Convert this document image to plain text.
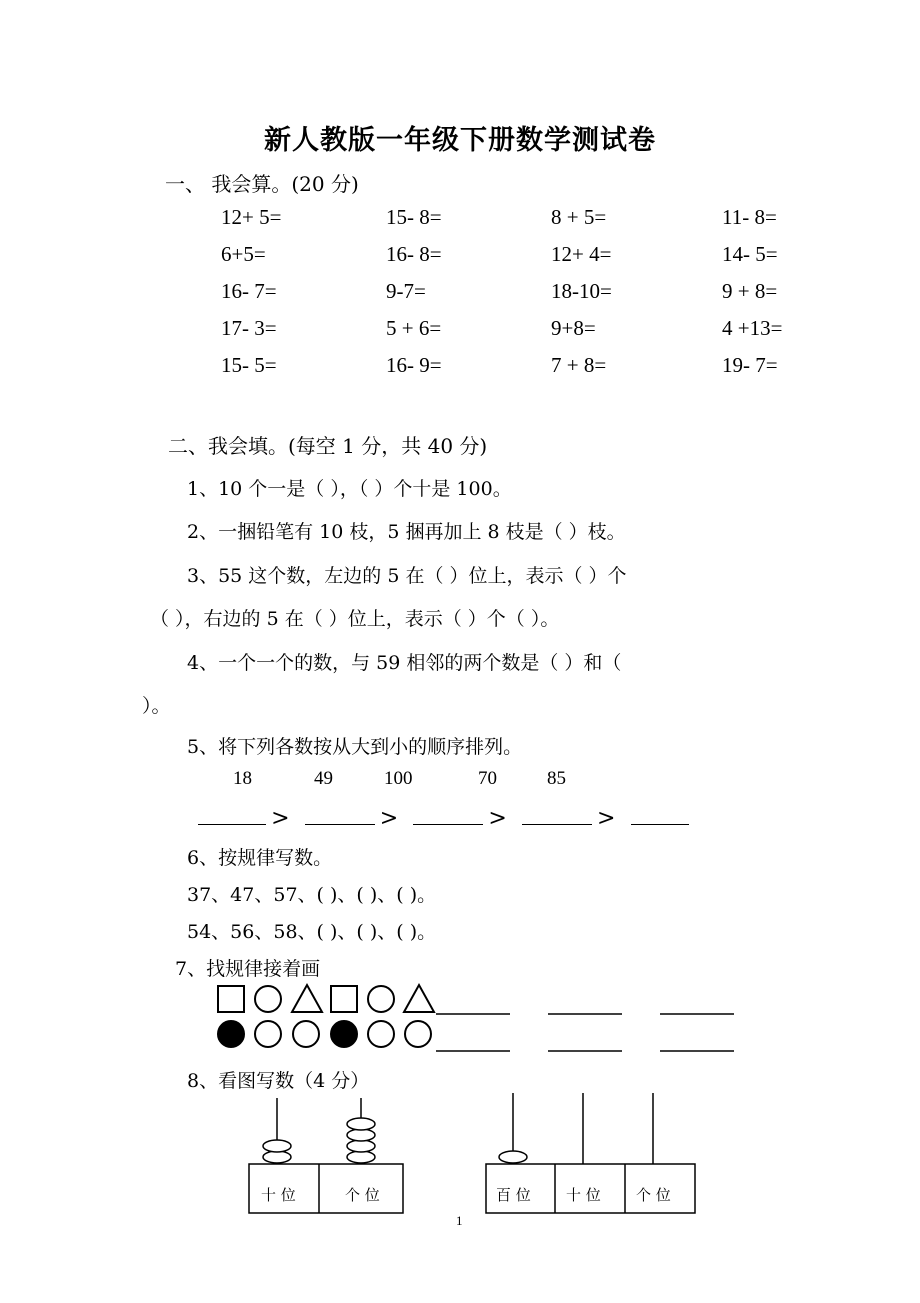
新人教版一年级下册数学测试卷
一、 我会算。(20 分)
12+ 5=	15- 8=	8 + 5=	11- 8=
6+5=	16- 8=	12+ 4=	14- 5=
16- 7=	9-7=	18-10=	9 + 8=
17- 3=	5 + 6=	9+8=	4 +13=
15- 5=	16- 9=	7 + 8=	19- 7=
二、我会填。(每空 1 分，共 40 分)
1、10 个一是（ ），（ ）个十是 100。
2、一捆铅笔有 10 枝，5 捆再加上 8 枝是（ ）枝。
3、55 这个数，左边的 5 在（ ）位上，表示（ ）个
（ ），右边的 5 在（ ）位上，表示（ ）个（ ）。
4、一个一个的数，与 59 相邻的两个数是（ ）和（
）。
5、将下列各数按从大到小的顺序排列。
18	49	100	70	85
>	>	>	>
6、按规律写数。
37、47、57、( )、( )、( )。
54、56、58、( )、( )、( )。
7、找规律接着画
8、看图写数（4 分）
十 位	个 位	百 位 十 位 个 位
1
